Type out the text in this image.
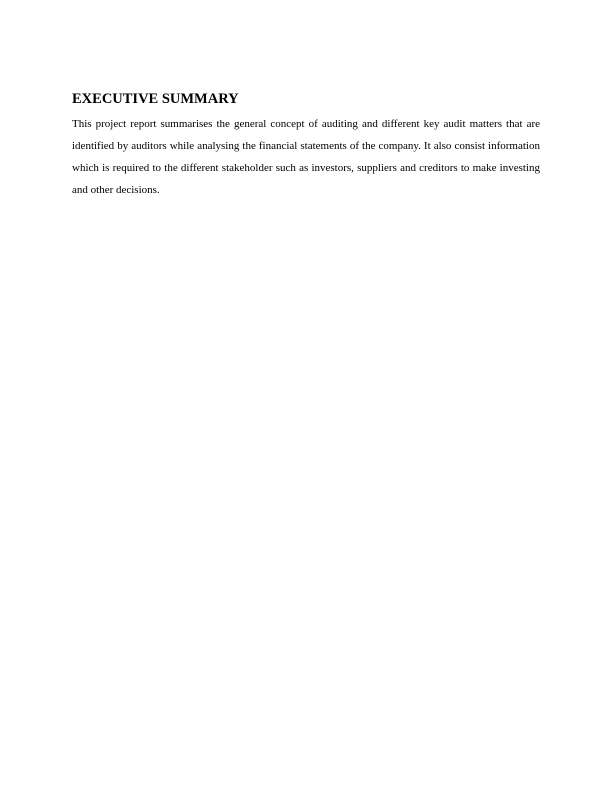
EXECUTIVE SUMMARY

This project report summarises the general concept of auditing and different key audit matters that are identified by auditors while analysing the financial statements of the company. It also consist information which is required to the different stakeholder such as investors, suppliers and creditors to make investing and other decisions.
